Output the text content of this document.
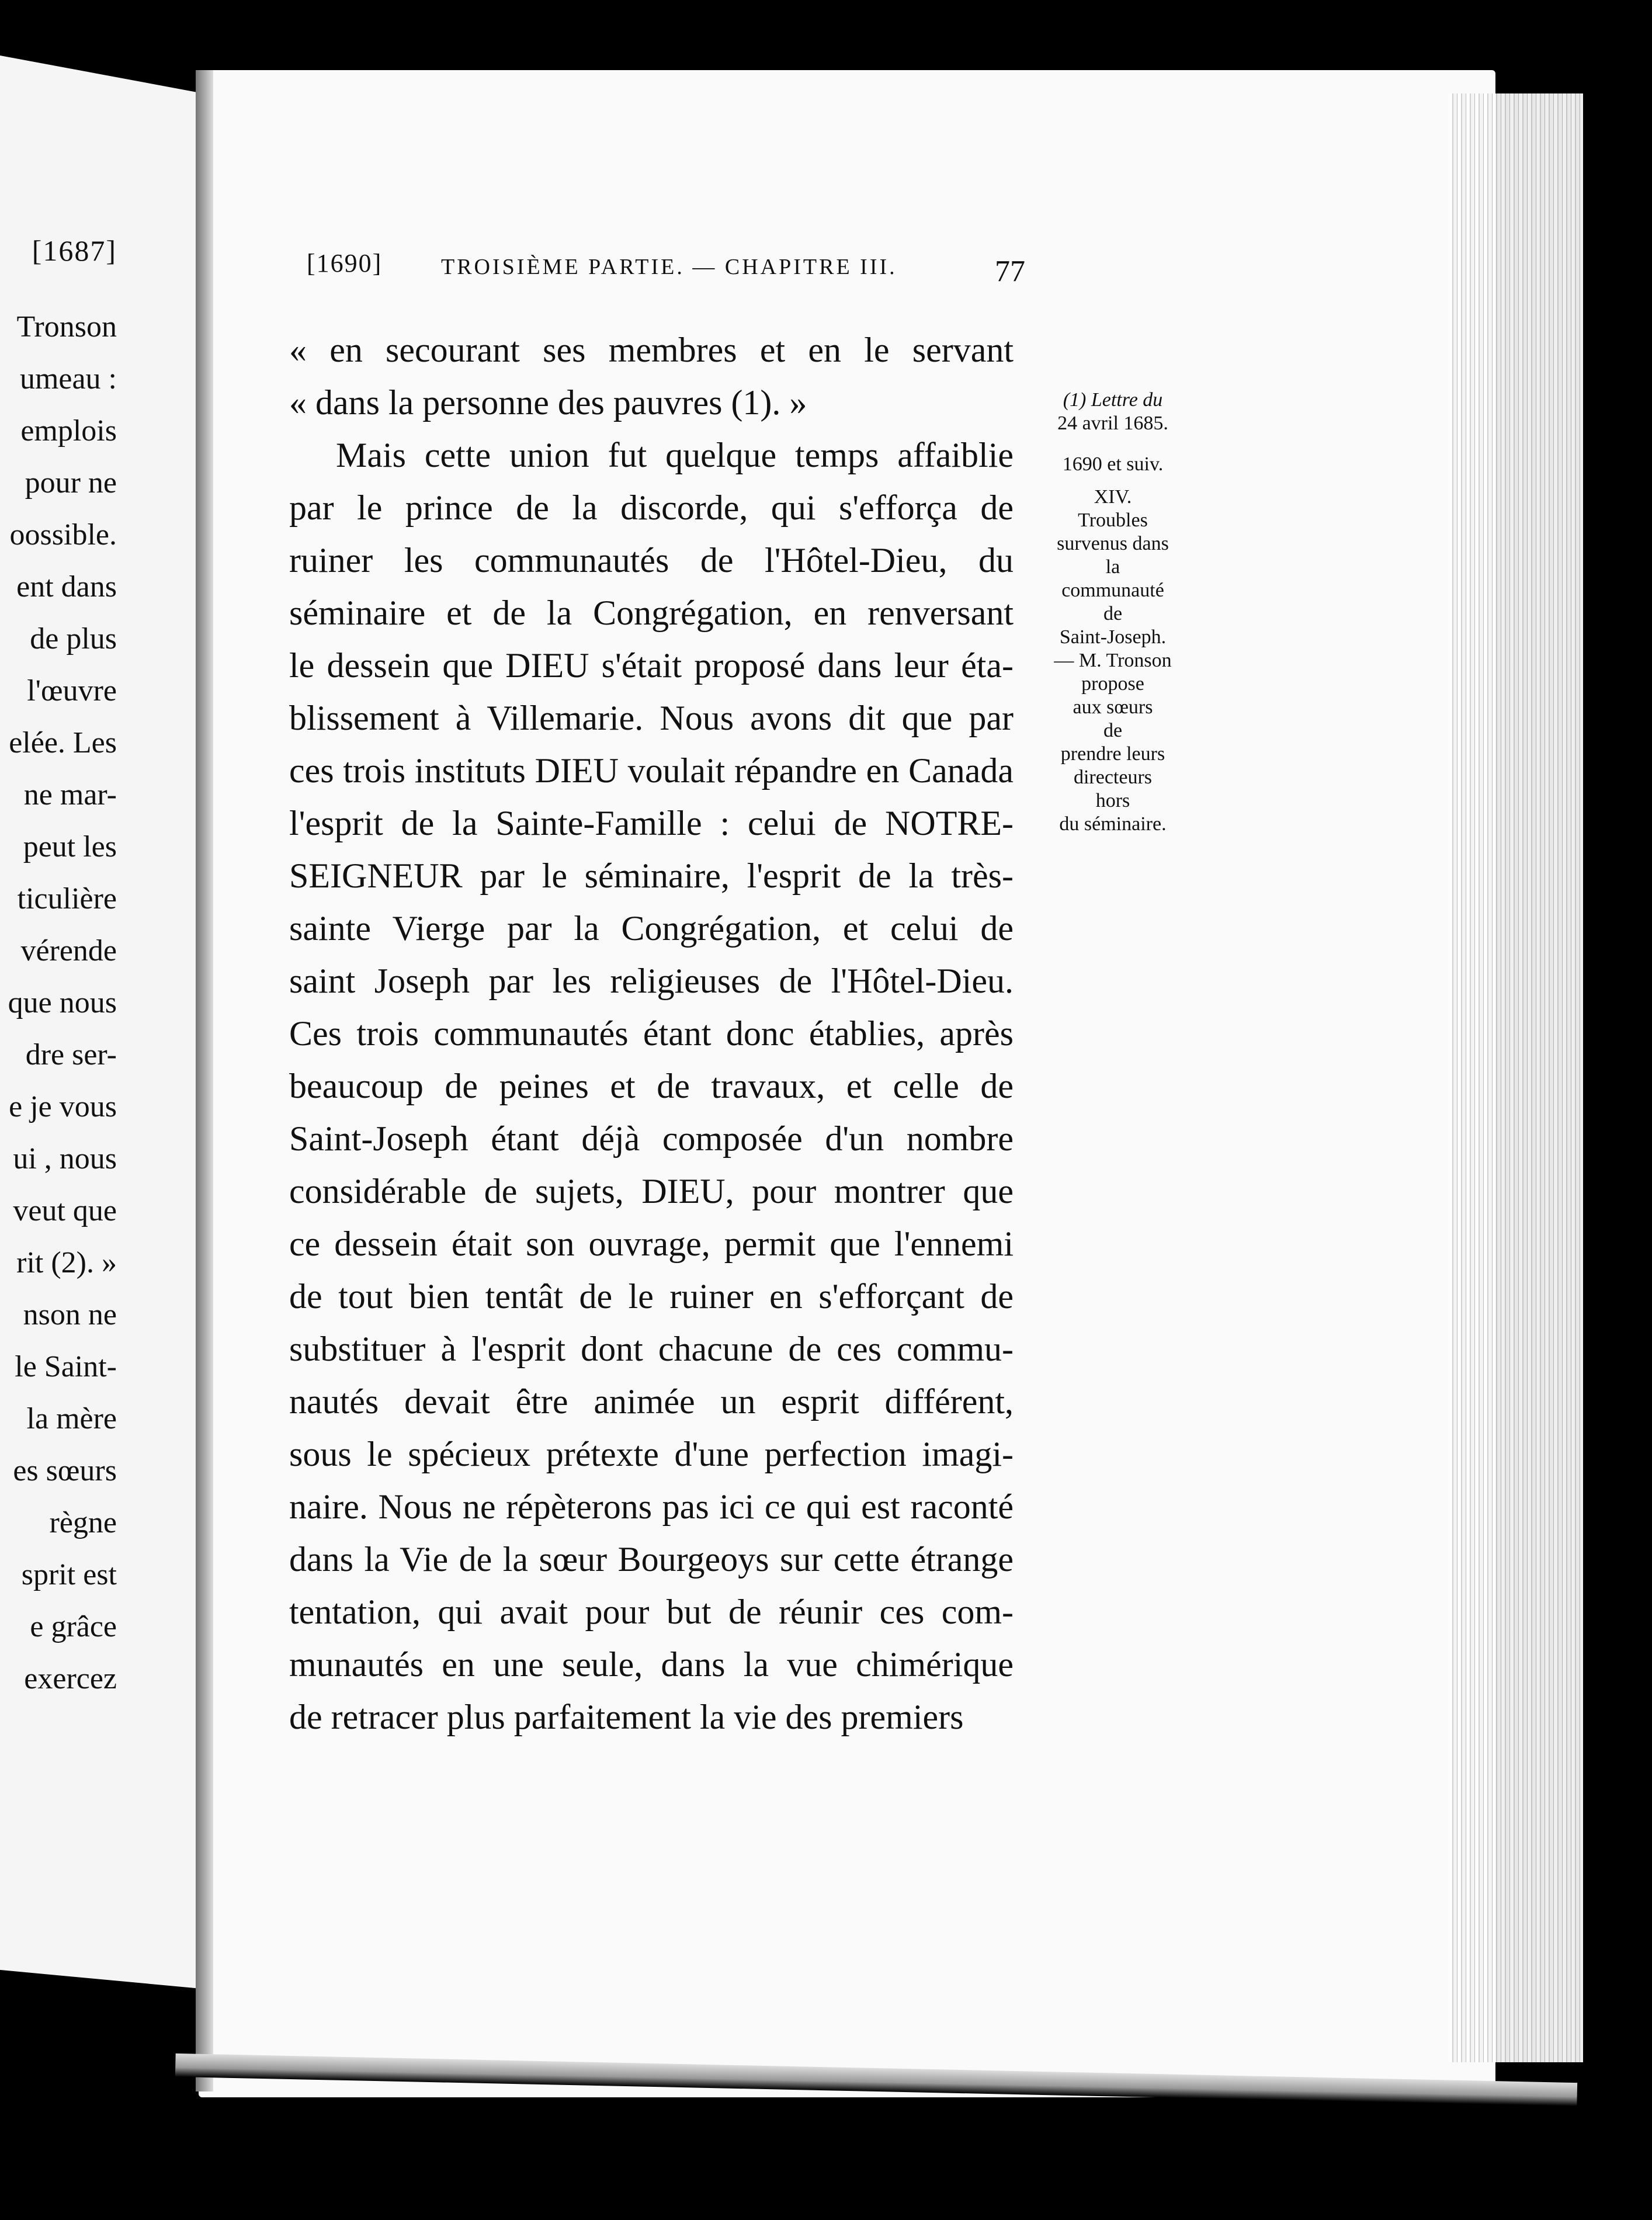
[1687]
Tronson
umeau :
emplois
pour ne
oossible.
ent dans
de plus
l'œuvre
elée. Les
ne mar-
peut les
ticulière
vérende
que nous
dre ser-
e je vous
ui , nous
veut que
rit (2). »
nson ne
le Saint-
la mère
es sœurs
règne
sprit est
e grâce
exercez
[1690]	TROISIÈME PARTIE. — CHAPITRE III.	77
« en secourant ses membres et en le servant
« dans la personne des pauvres (1). »
Mais cette union fut quelque temps affaiblie
par le prince de la discorde, qui s'efforça de
ruiner les communautés de l'Hôtel-Dieu, du
séminaire et de la Congrégation, en renversant
le dessein que DIEU s'était proposé dans leur éta-
blissement à Villemarie. Nous avons dit que par
ces trois instituts DIEU voulait répandre en Canada
l'esprit de la Sainte-Famille : celui de NOTRE-
SEIGNEUR par le séminaire, l'esprit de la très-
sainte Vierge par la Congrégation, et celui de
saint Joseph par les religieuses de l'Hôtel-Dieu.
Ces trois communautés étant donc établies, après
beaucoup de peines et de travaux, et celle de
Saint-Joseph étant déjà composée d'un nombre
considérable de sujets, DIEU, pour montrer que
ce dessein était son ouvrage, permit que l'ennemi
de tout bien tentât de le ruiner en s'efforçant de
substituer à l'esprit dont chacune de ces commu-
nautés devait être animée un esprit différent,
sous le spécieux prétexte d'une perfection imagi-
naire. Nous ne répèterons pas ici ce qui est raconté
dans la Vie de la sœur Bourgeoys sur cette étrange
tentation, qui avait pour but de réunir ces com-
munautés en une seule, dans la vue chimérique
de retracer plus parfaitement la vie des premiers
(1) Lettre du
24 avril 1685.
1690 et suiv.
XIV.
Troubles
survenus dans
la
communauté
de
Saint-Joseph.
— M. Tronson
propose
aux sœurs
de
prendre leurs
directeurs
hors
du séminaire.
